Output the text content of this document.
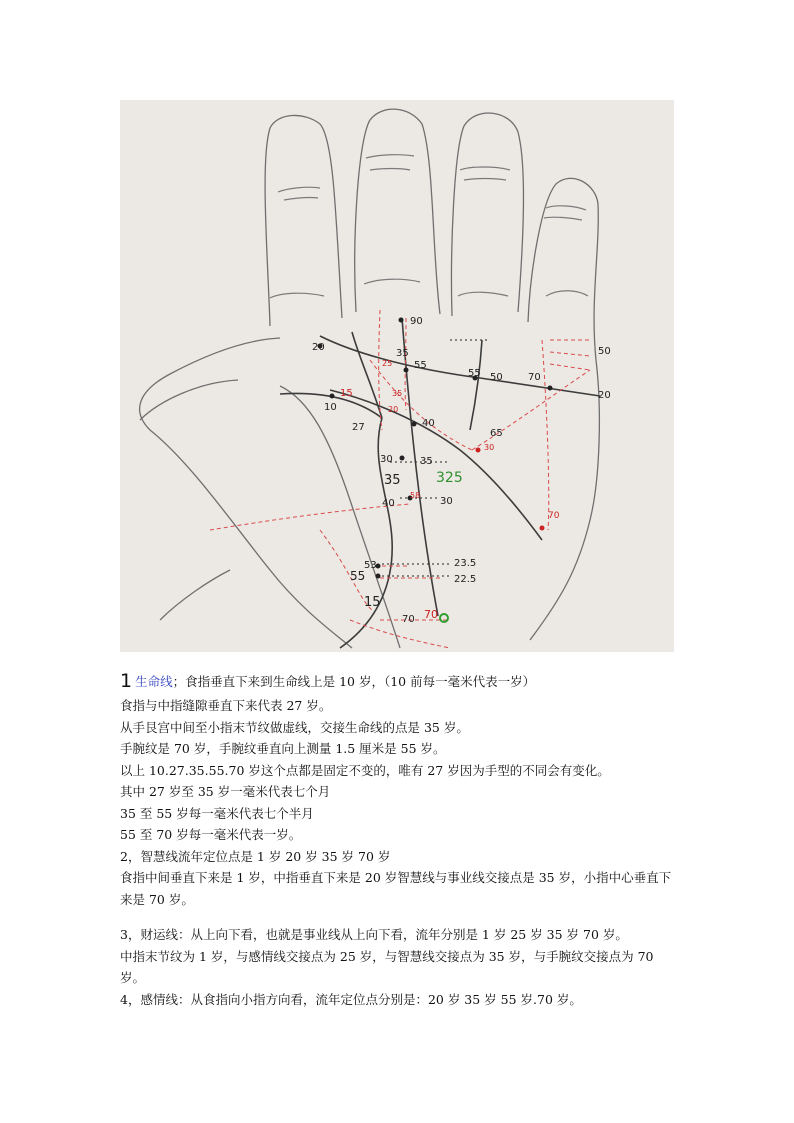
90
35
55
20
10
27	40
55 50	70
50
20
65
30	35
35
40	30
53
55
23.5
22.5
15
70 70
325
15
25
35
20
30
58
70

1 生命线；食指垂直下来到生命线上是 10 岁，（10 前每一毫米代表一岁）

食指与中指缝隙垂直下来代表 27 岁。

从手艮宫中间至小指末节纹做虚线，交接生命线的点是 35 岁。

手腕纹是 70 岁，手腕纹垂直向上测量 1.5 厘米是 55 岁。

以上 10.27.35.55.70 岁这个点都是固定不变的，唯有 27 岁因为手型的不同会有变化。

其中 27 岁至 35 岁一毫米代表七个月

35 至 55 岁每一毫米代表七个半月

55 至 70 岁每一毫米代表一岁。

2，智慧线流年定位点是 1 岁 20 岁 35 岁 70 岁

食指中间垂直下来是 1 岁，中指垂直下来是 20 岁智慧线与事业线交接点是 35 岁，小指中心垂直下来是 70 岁。

3，财运线：从上向下看，也就是事业线从上向下看，流年分别是 1 岁 25 岁 35 岁 70 岁。

中指末节纹为 1 岁，与感情线交接点为 25 岁，与智慧线交接点为 35 岁，与手腕纹交接点为 70 岁。

4，感情线：从食指向小指方向看，流年定位点分别是：20 岁 35 岁 55 岁.70 岁。
